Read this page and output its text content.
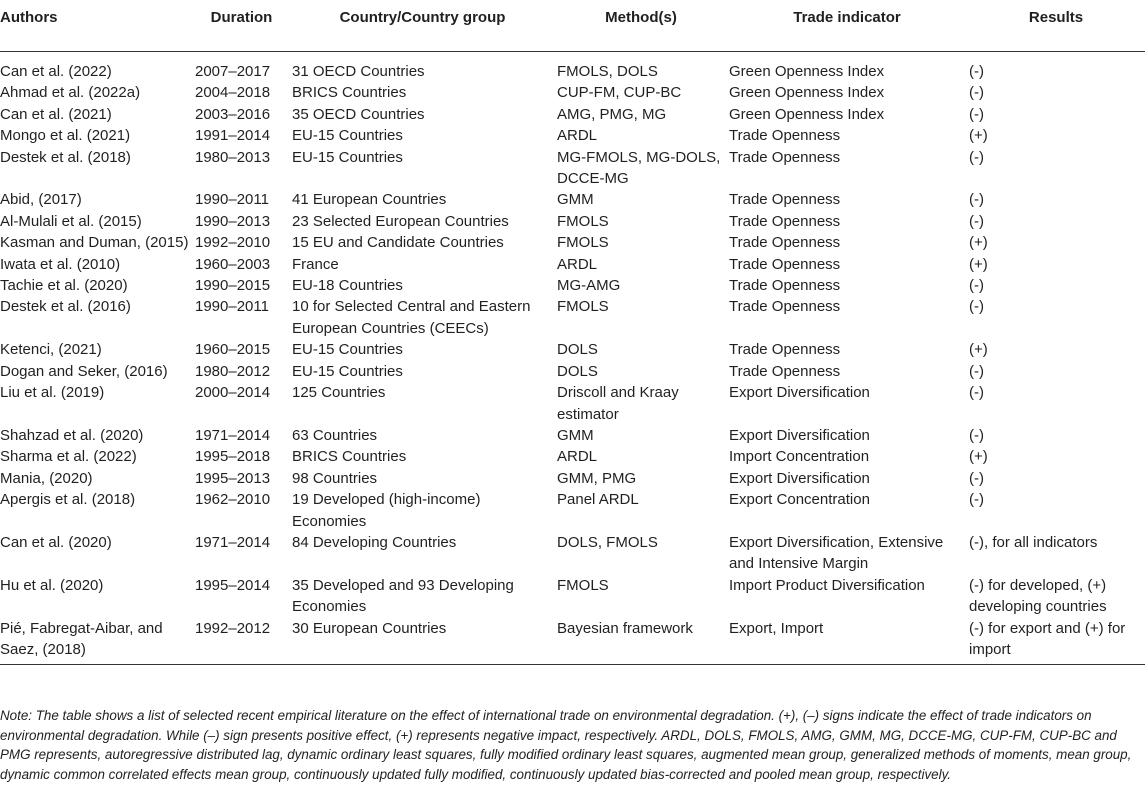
Authors	Duration	Country/Country group	Method(s)	Trade indicator	Results
Can et al. (2022)	2007–2017	31 OECD Countries	FMOLS, DOLS	Green Openness Index	(-)
Ahmad et al. (2022a)	2004–2018	BRICS Countries	CUP-FM, CUP-BC	Green Openness Index	(-)
Can et al. (2021)	2003–2016	35 OECD Countries	AMG, PMG, MG	Green Openness Index	(-)
Mongo et al. (2021)	1991–2014	EU-15 Countries	ARDL	Trade Openness	(+)
Destek et al. (2018)	1980–2013	EU-15 Countries	MG-FMOLS, MG-DOLS, DCCE-MG	Trade Openness	(-)
Abid, (2017)	1990–2011	41 European Countries	GMM	Trade Openness	(-)
Al-Mulali et al. (2015)	1990–2013	23 Selected European Countries	FMOLS	Trade Openness	(-)
Kasman and Duman, (2015)	1992–2010	15 EU and Candidate Countries	FMOLS	Trade Openness	(+)
Iwata et al. (2010)	1960–2003	France	ARDL	Trade Openness	(+)
Tachie et al. (2020)	1990–2015	EU-18 Countries	MG-AMG	Trade Openness	(-)
Destek et al. (2016)	1990–2011	10 for Selected Central and Eastern European Countries (CEECs)	FMOLS	Trade Openness	(-)
Ketenci, (2021)	1960–2015	EU-15 Countries	DOLS	Trade Openness	(+)
Dogan and Seker, (2016)	1980–2012	EU-15 Countries	DOLS	Trade Openness	(-)
Liu et al. (2019)	2000–2014	125 Countries	Driscoll and Kraay estimator	Export Diversification	(-)
Shahzad et al. (2020)	1971–2014	63 Countries	GMM	Export Diversification	(-)
Sharma et al. (2022)	1995–2018	BRICS Countries	ARDL	Import Concentration	(+)
Mania, (2020)	1995–2013	98 Countries	GMM, PMG	Export Diversification	(-)
Apergis et al. (2018)	1962–2010	19 Developed (high-income) Economies	Panel ARDL	Export Concentration	(-)
Can et al. (2020)	1971–2014	84 Developing Countries	DOLS, FMOLS	Export Diversification, Extensive and Intensive Margin	(-), for all indicators
Hu et al. (2020)	1995–2014	35 Developed and 93 Developing Economies	FMOLS	Import Product Diversification	(-) for developed, (+) developing countries
Pié, Fabregat-Aibar, and Saez, (2018)	1992–2012	30 European Countries	Bayesian framework	Export, Import	(-) for export and (+) for import

Note: The table shows a list of selected recent empirical literature on the effect of international trade on environmental degradation. (+), (–) signs indicate the effect of trade indicators on environmental degradation. While (–) sign presents positive effect, (+) represents negative impact, respectively. ARDL, DOLS, FMOLS, AMG, GMM, MG, DCCE-MG, CUP-FM, CUP-BC and PMG represents, autoregressive distributed lag, dynamic ordinary least squares, fully modified ordinary least squares, augmented mean group, generalized methods of moments, mean group, dynamic common correlated effects mean group, continuously updated fully modified, continuously updated bias-corrected and pooled mean group, respectively.
